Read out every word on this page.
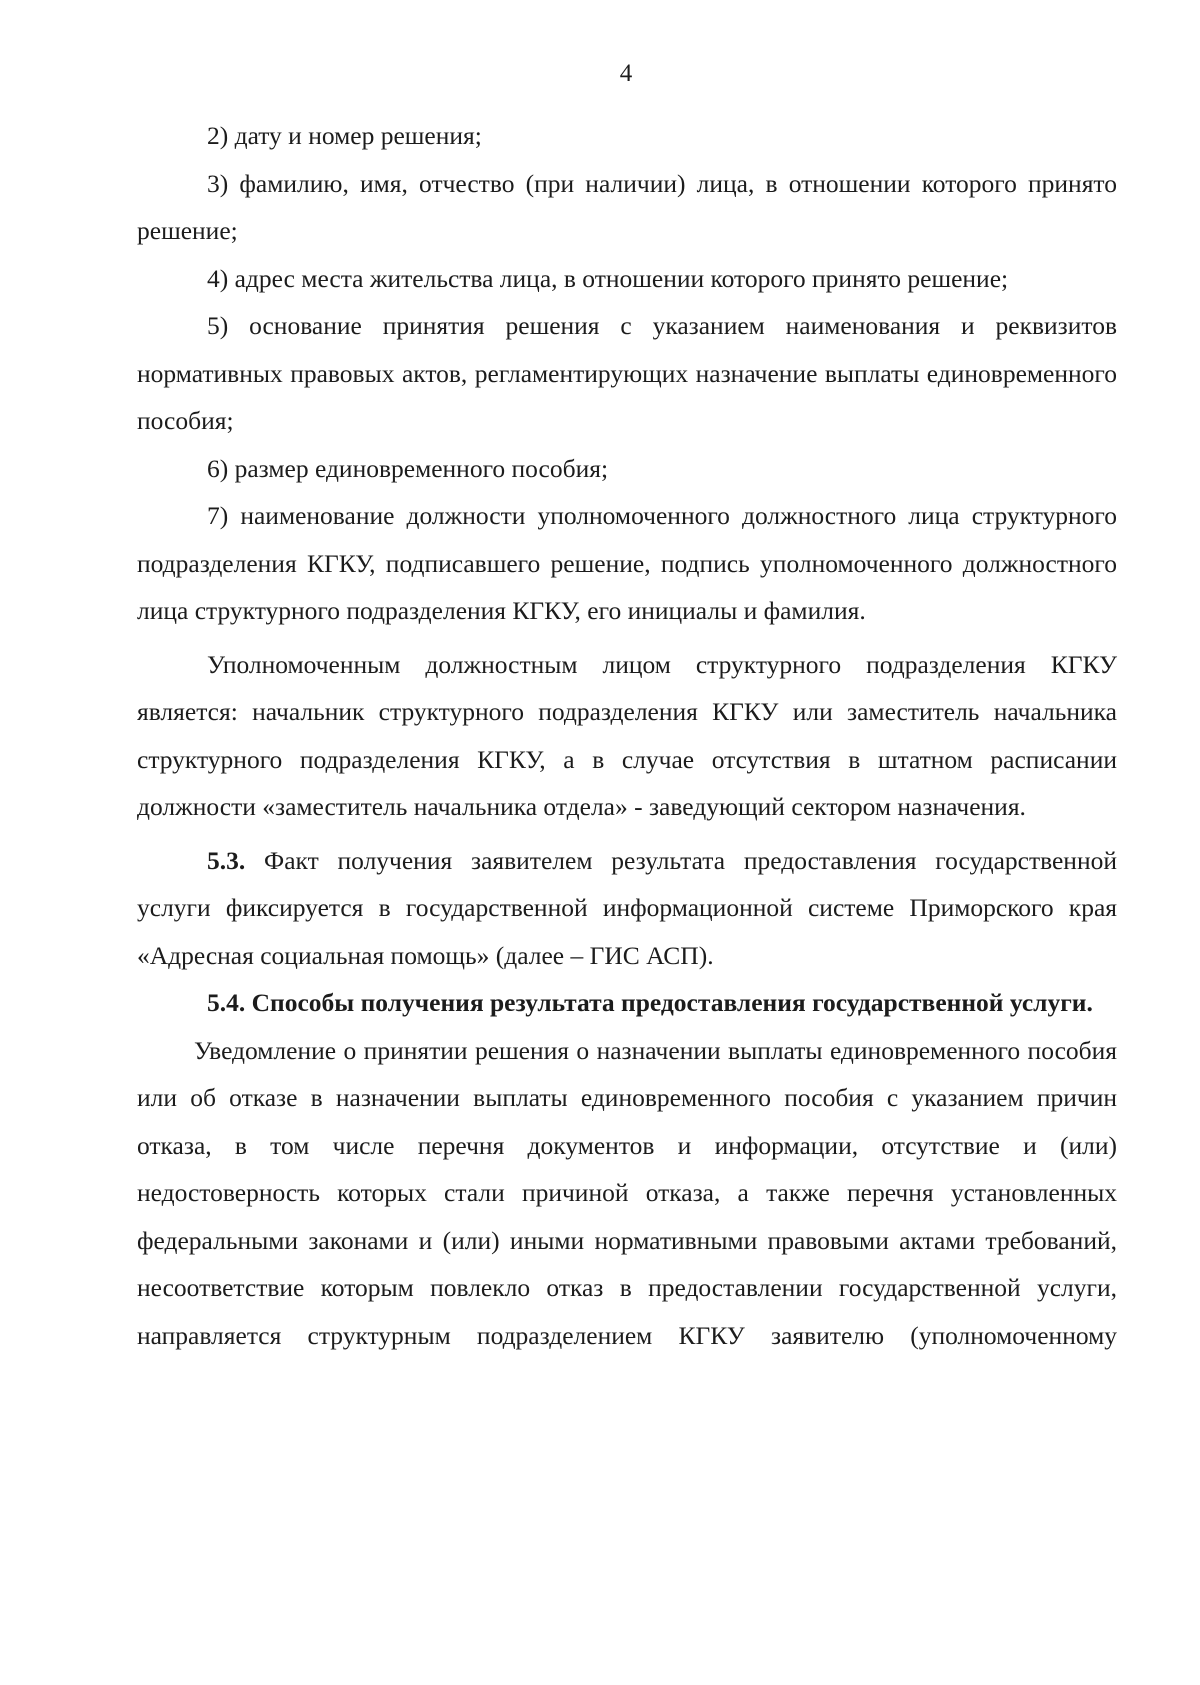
4

2) дату и номер решения;

3) фамилию, имя, отчество (при наличии) лица, в отношении которого принято решение;

4) адрес места жительства лица, в отношении которого принято решение;

5) основание принятия решения с указанием наименования и реквизитов нормативных правовых актов, регламентирующих назначение выплаты единовременного пособия;

6) размер единовременного пособия;

7) наименование должности уполномоченного должностного лица структурного подразделения КГКУ, подписавшего решение, подпись уполномоченного должностного лица структурного подразделения КГКУ, его инициалы и фамилия.

Уполномоченным должностным лицом структурного подразделения КГКУ является: начальник структурного подразделения КГКУ или заместитель начальника структурного подразделения КГКУ, а в случае отсутствия в штатном расписании должности «заместитель начальника отдела» - заведующий сектором назначения.

5.3. Факт получения заявителем результата предоставления государственной услуги фиксируется в государственной информационной системе Приморского края «Адресная социальная помощь» (далее – ГИС АСП).

5.4. Способы получения результата предоставления государственной услуги.

Уведомление о принятии решения о назначении выплаты единовременного пособия или об отказе в назначении выплаты единовременного пособия с указанием причин отказа, в том числе перечня документов и информации, отсутствие и (или) недостоверность которых стали причиной отказа, а также перечня установленных федеральными законами и (или) иными нормативными правовыми актами требований, несоответствие которым повлекло отказ в предоставлении государственной услуги, направляется структурным подразделением КГКУ заявителю (уполномоченному
